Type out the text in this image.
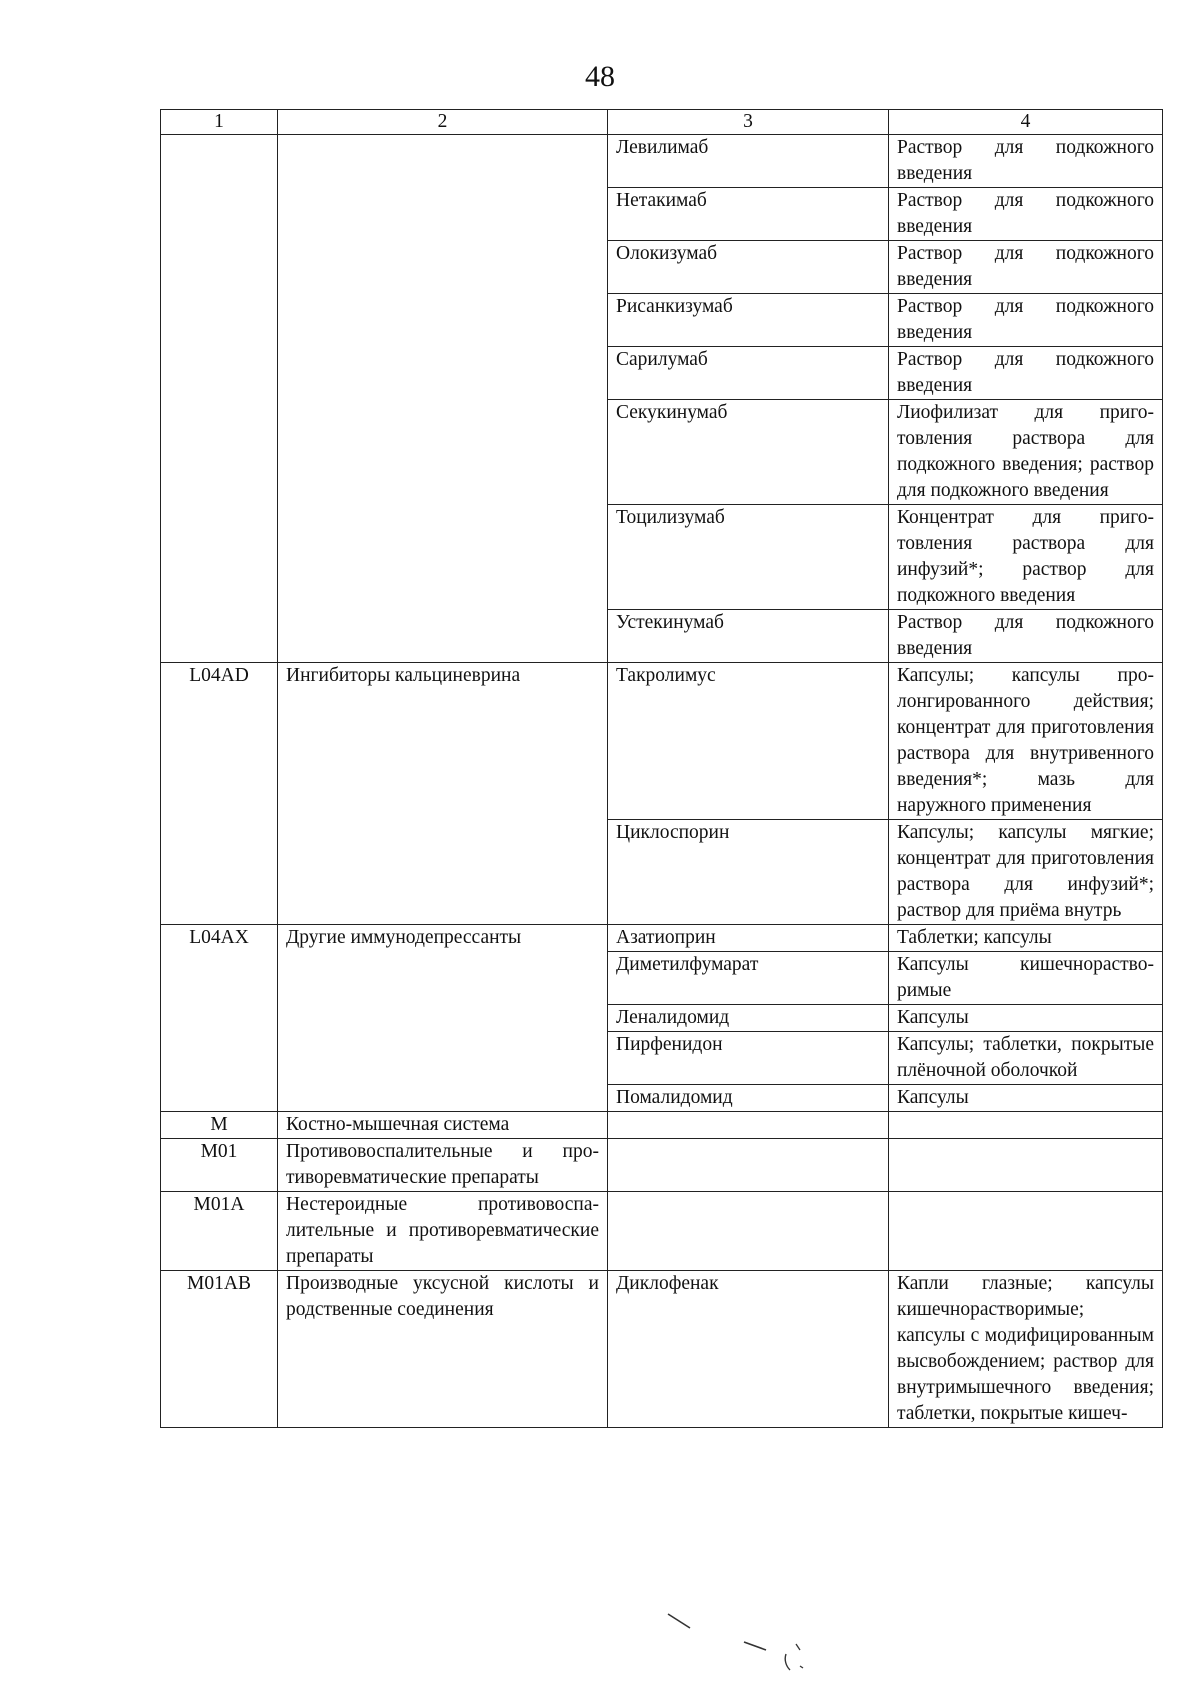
48
1	2	3	4
		Левилимаб	Раствор для подкожного введения
		Нетакимаб	Раствор для подкожного введения
		Олокизумаб	Раствор для подкожного введения
		Рисанкизумаб	Раствор для подкожного введения
		Сарилумаб	Раствор для подкожного введения
		Секукинумаб	Лиофилизат для приготовления раствора для подкожного введения; раствор для подкожного введения
		Тоцилизумаб	Концентрат для приготовления раствора для инфузий*; раствор для подкожного введения
		Устекинумаб	Раствор для подкожного введения
L04AD	Ингибиторы кальциневрина	Такролимус	Капсулы; капсулы пролонгированного действия; концентрат для приготовления раствора для внутривенного введения*; мазь для наружного применения
		Циклоспорин	Капсулы; капсулы мягкие; концентрат для приготовления раствора для инфузий*; раствор для приёма внутрь
L04AX	Другие иммунодепрессанты	Азатиоприн	Таблетки; капсулы
		Диметилфумарат	Капсулы кишечнорастворимые
		Леналидомид	Капсулы
		Пирфенидон	Капсулы; таблетки, покрытые плёночной оболочкой
		Помалидомид	Капсулы
M	Костно-мышечная система		
M01	Противовоспалительные и противоревматические препараты		
M01A	Нестероидные противовоспалительные и противоревматические препараты		
M01AB	Производные уксусной кислоты и родственные соединения	Диклофенак	Капли глазные; капсулы кишечнорастворимые; капсулы с модифицированным высвобождением; раствор для внутримышечного введения; таблетки, покрытые кишеч-
